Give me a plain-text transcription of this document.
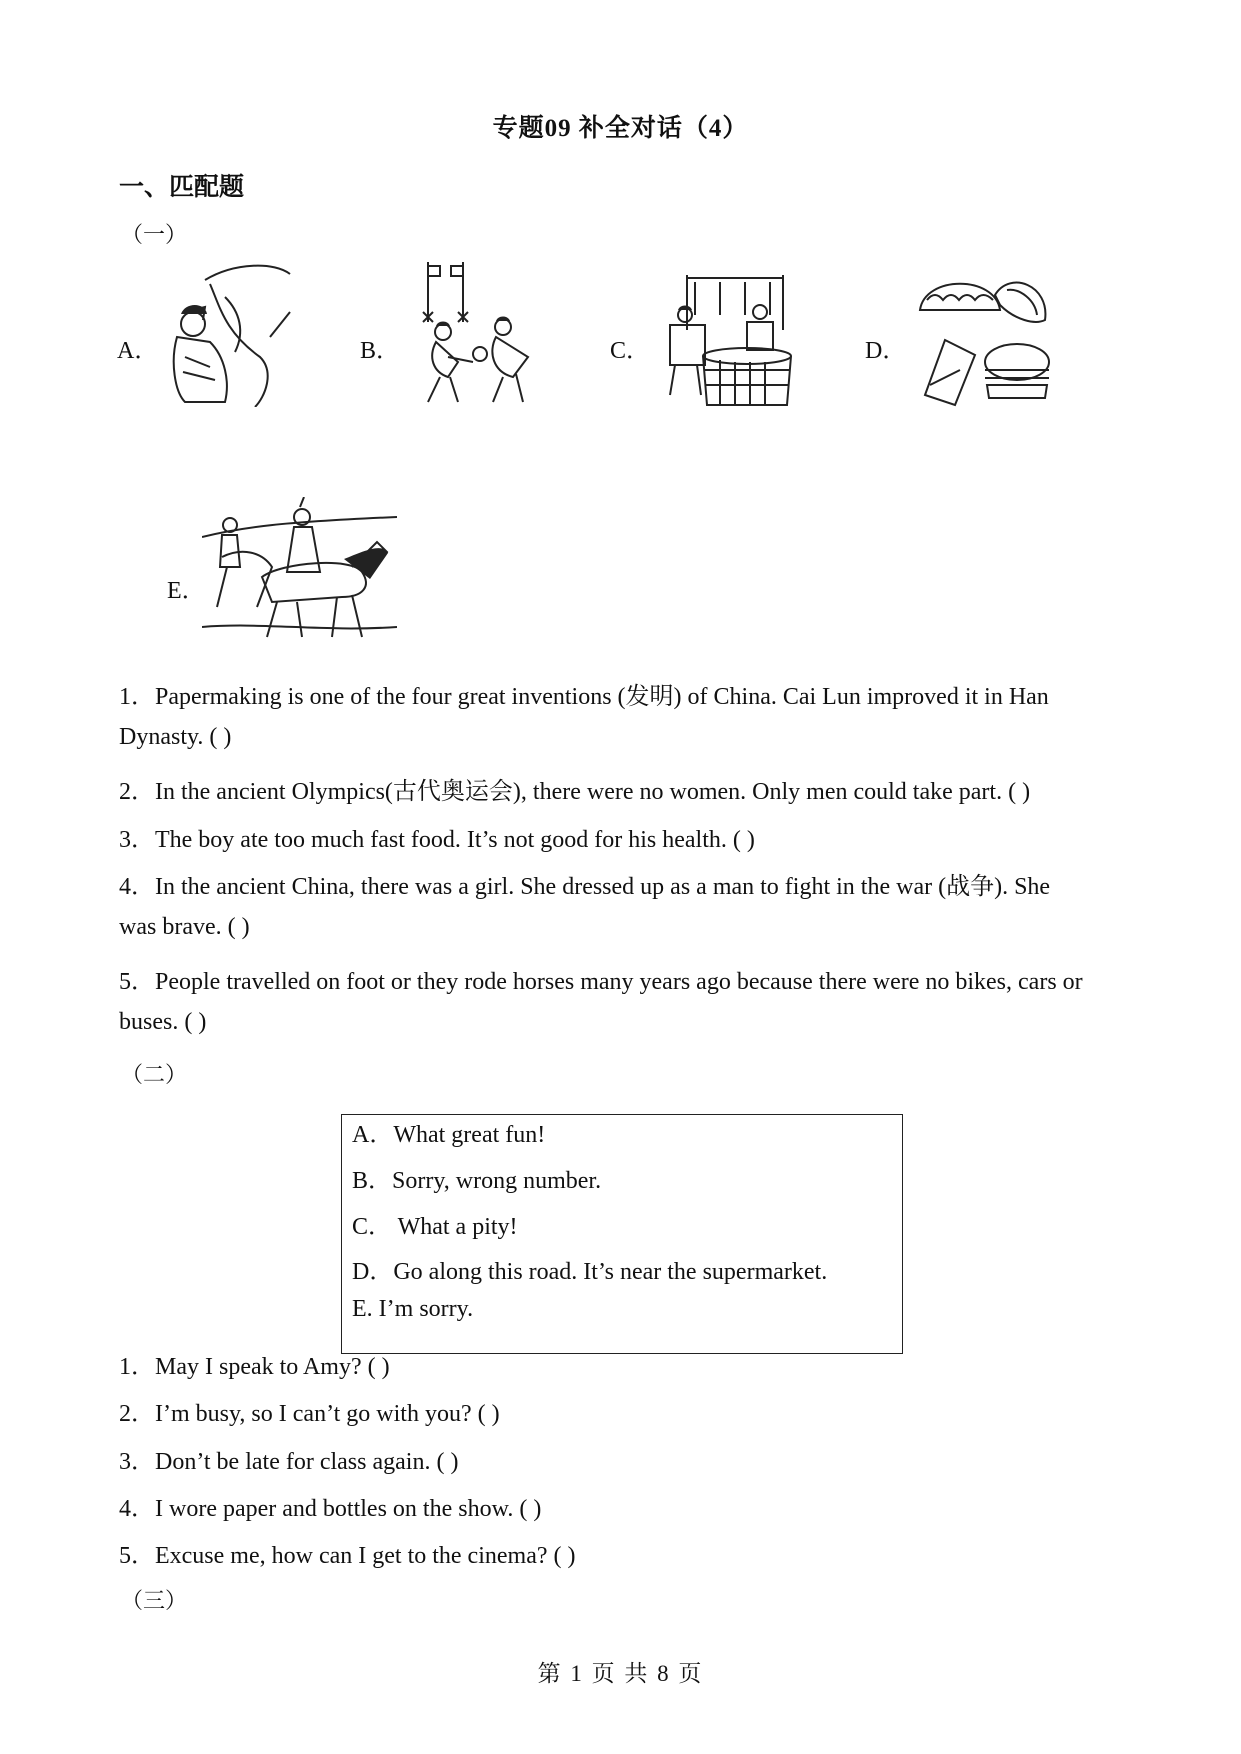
专题09 补全对话（4）
一、匹配题
（一）
A．	B．	C．	D．
E．
1．Papermaking is one of the four great inventions (发明) of China. Cai Lun improved it in Han
Dynasty. ( )
2．In the ancient Olympics(古代奥运会), there were no women. Only men could take part. ( )
3．The boy ate too much fast food. It’s not good for his health. ( )
4．In the ancient China, there was a girl. She dressed up as a man to fight in the war (战争). She
was brave. ( )
5．People travelled on foot or they rode horses many years ago because there were no bikes, cars or
buses. ( )
（二）
A．What great fun!
B．Sorry, wrong number.
C． What a pity!
D．Go along this road. It’s near the supermarket.
E. I’m sorry.
1．May I speak to Amy? ( )
2．I’m busy, so I can’t go with you? ( )
3．Don’t be late for class again. ( )
4．I wore paper and bottles on the show. ( )
5．Excuse me, how can I get to the cinema? ( )
（三）
第 1 页 共 8 页
